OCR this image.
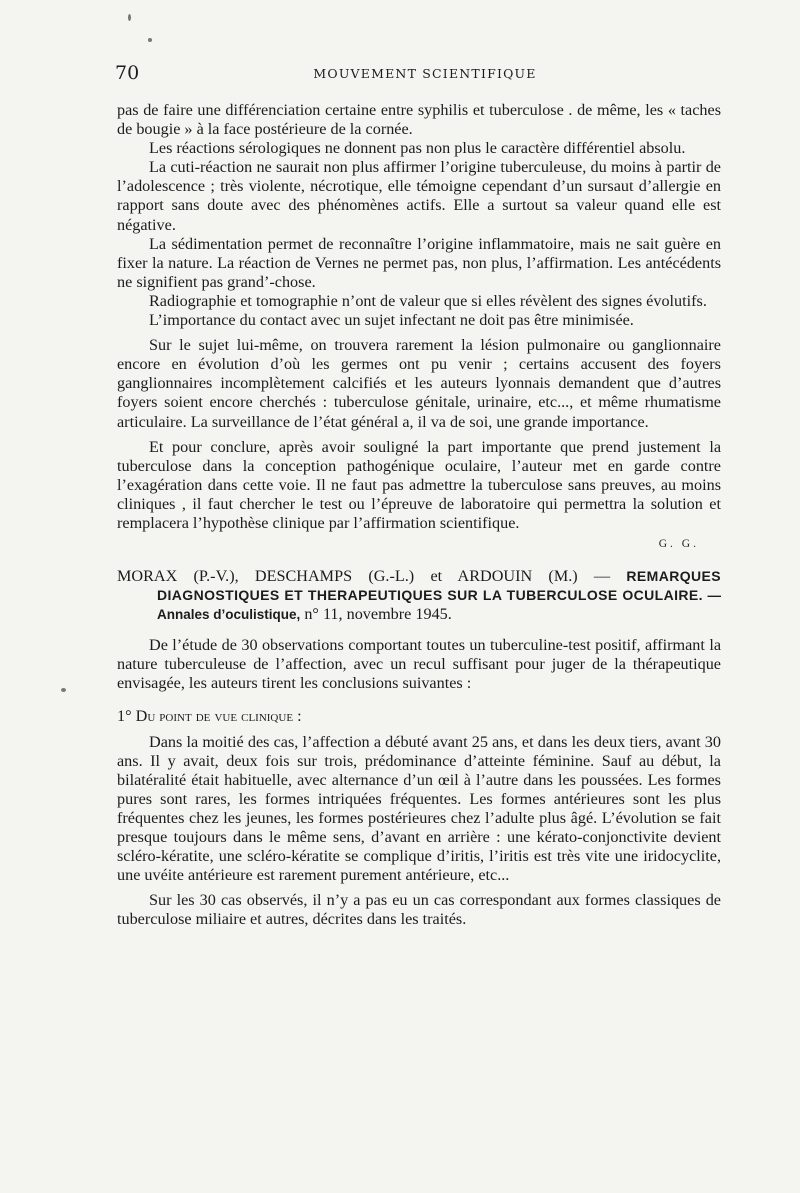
70	MOUVEMENT SCIENTIFIQUE

pas de faire une différenciation certaine entre syphilis et tuberculose . de même, les « taches de bougie » à la face postérieure de la cornée.

Les réactions sérologiques ne donnent pas non plus le caractère différentiel absolu.

La cuti-réaction ne saurait non plus affirmer l’origine tuberculeuse, du moins à partir de l’adolescence ; très violente, nécrotique, elle témoigne cependant d’un sursaut d’allergie en rapport sans doute avec des phénomènes actifs. Elle a surtout sa valeur quand elle est négative.

La sédimentation permet de reconnaître l’origine inflammatoire, mais ne sait guère en fixer la nature. La réaction de Vernes ne permet pas, non plus, l’affirmation. Les antécédents ne signifient pas grand’-chose.

Radiographie et tomographie n’ont de valeur que si elles révèlent des signes évolutifs.

L’importance du contact avec un sujet infectant ne doit pas être minimisée.

Sur le sujet lui-même, on trouvera rarement la lésion pulmonaire ou ganglionnaire encore en évolution d’où les germes ont pu venir ; certains accusent des foyers ganglionnaires incomplètement calcifiés et les auteurs lyonnais demandent que d’autres foyers soient encore cherchés : tuberculose génitale, urinaire, etc..., et même rhumatisme articulaire. La surveillance de l’état général a, il va de soi, une grande importance.

Et pour conclure, après avoir souligné la part importante que prend justement la tuberculose dans la conception pathogénique oculaire, l’auteur met en garde contre l’exagération dans cette voie. Il ne faut pas admettre la tuberculose sans preuves, au moins cliniques , il faut chercher le test ou l’épreuve de laboratoire qui permettra la solution et remplacera l’hypothèse clinique par l’affirmation scientifique.

G. G.

MORAX (P.-V.), DESCHAMPS (G.-L.) et ARDOUIN (M.) — REMARQUES DIAGNOSTIQUES ET THERAPEUTIQUES SUR LA TUBERCULOSE OCULAIRE. — Annales d’oculistique, n° 11, novembre 1945.

De l’étude de 30 observations comportant toutes un tuberculine-test positif, affirmant la nature tuberculeuse de l’affection, avec un recul suffisant pour juger de la thérapeutique envisagée, les auteurs tirent les conclusions suivantes :

1° Du point de vue clinique :

Dans la moitié des cas, l’affection a débuté avant 25 ans, et dans les deux tiers, avant 30 ans. Il y avait, deux fois sur trois, prédominance d’atteinte féminine. Sauf au début, la bilatéralité était habituelle, avec alternance d’un œil à l’autre dans les poussées. Les formes pures sont rares, les formes intriquées fréquentes. Les formes antérieures sont les plus fréquentes chez les jeunes, les formes postérieures chez l’adulte plus âgé. L’évolution se fait presque toujours dans le même sens, d’avant en arrière : une kérato-conjonctivite devient scléro-kératite, une scléro-kératite se complique d’iritis, l’iritis est très vite une iridocyclite, une uvéite antérieure est rarement purement antérieure, etc...

Sur les 30 cas observés, il n’y a pas eu un cas correspondant aux formes classiques de tuberculose miliaire et autres, décrites dans les traités.
